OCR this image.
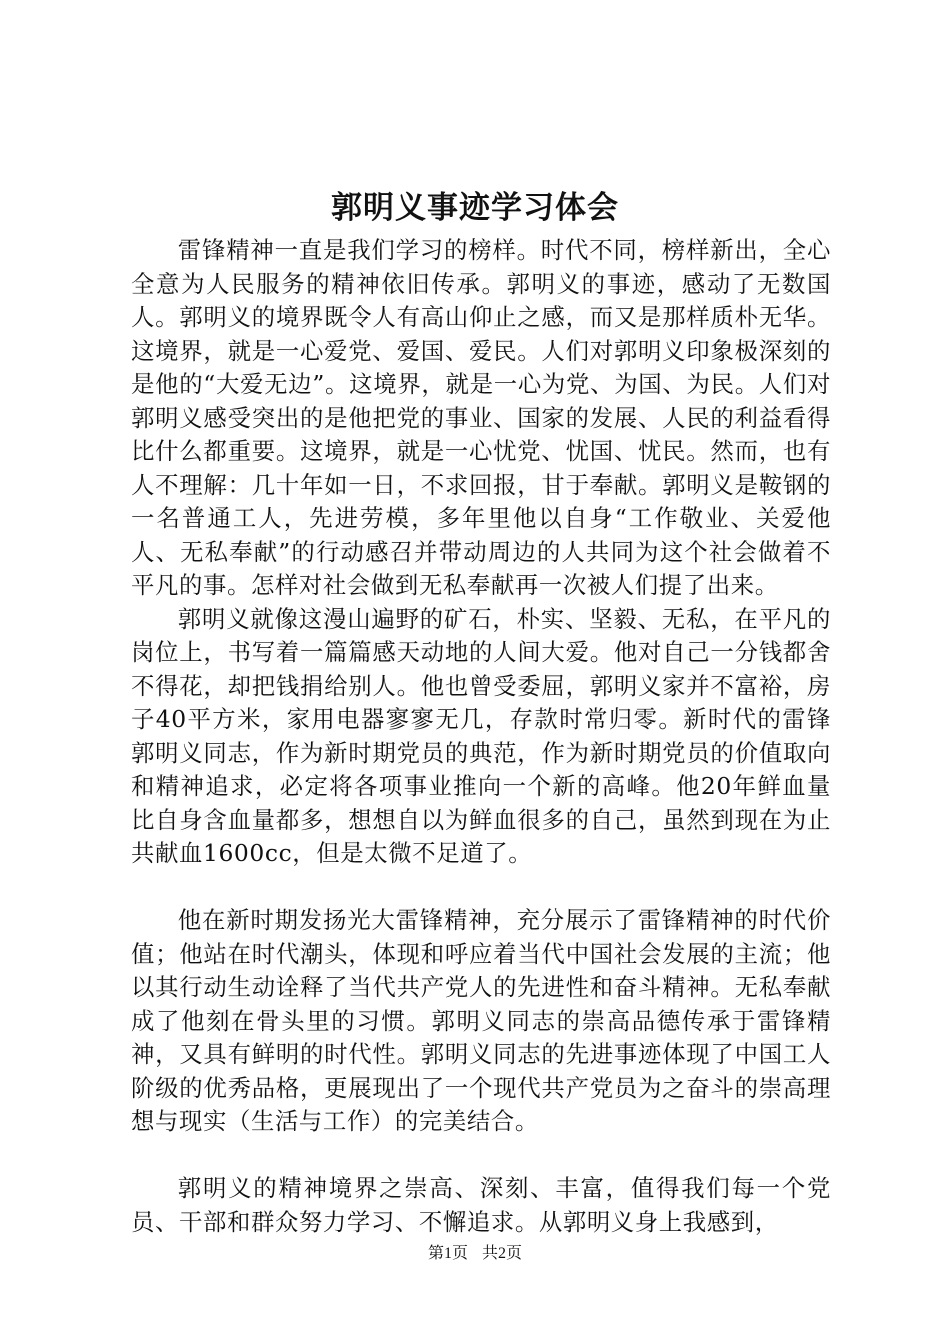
郭明义事迹学习体会

雷锋精神一直是我们学习的榜样。时代不同，榜样新出，全心全意为人民服务的精神依旧传承。郭明义的事迹，感动了无数国人。郭明义的境界既令人有高山仰止之感，而又是那样质朴无华。这境界，就是一心爱党、爱国、爱民。人们对郭明义印象极深刻的是他的“大爱无边”。这境界，就是一心为党、为国、为民。人们对郭明义感受突出的是他把党的事业、国家的发展、人民的利益看得比什么都重要。这境界，就是一心忧党、忧国、忧民。然而，也有人不理解：几十年如一日，不求回报，甘于奉献。郭明义是鞍钢的一名普通工人，先进劳模，多年里他以自身“工作敬业、关爱他人、无私奉献”的行动感召并带动周边的人共同为这个社会做着不平凡的事。怎样对社会做到无私奉献再一次被人们提了出来。

郭明义就像这漫山遍野的矿石，朴实、坚毅、无私，在平凡的岗位上，书写着一篇篇感天动地的人间大爱。他对自己一分钱都舍不得花，却把钱捐给别人。他也曾受委屈，郭明义家并不富裕，房子40平方米，家用电器寥寥无几，存款时常归零。新时代的雷锋郭明义同志，作为新时期党员的典范，作为新时期党员的价值取向和精神追求，必定将各项事业推向一个新的高峰。他20年鲜血量比自身含血量都多，想想自以为鲜血很多的自己，虽然到现在为止共献血1600cc，但是太微不足道了。

他在新时期发扬光大雷锋精神，充分展示了雷锋精神的时代价值；他站在时代潮头，体现和呼应着当代中国社会发展的主流；他以其行动生动诠释了当代共产党人的先进性和奋斗精神。无私奉献成了他刻在骨头里的习惯。郭明义同志的崇高品德传承于雷锋精神，又具有鲜明的时代性。郭明义同志的先进事迹体现了中国工人阶级的优秀品格，更展现出了一个现代共产党员为之奋斗的崇高理想与现实（生活与工作）的完美结合。

郭明义的精神境界之崇高、深刻、丰富，值得我们每一个党员、干部和群众努力学习、不懈追求。从郭明义身上我感到，

第1页 共2页
